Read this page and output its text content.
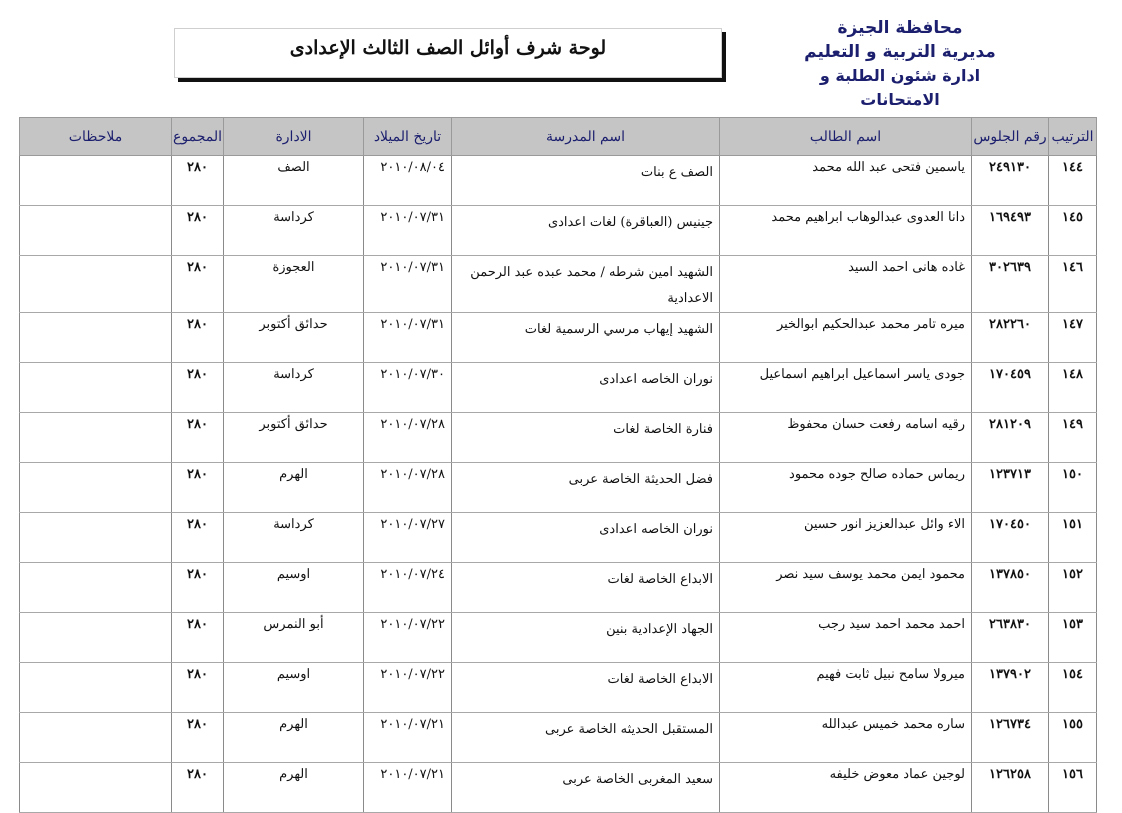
محافظة الجيزة
مديرية التربية و التعليم
ادارة شئون الطلبة و الامتحانات
لوحة شرف أوائل الصف الثالث الإعدادى
الترتيب	رقم الجلوس	اسم الطالب	اسم المدرسة	تاريخ الميلاد	الادارة	المجموع	ملاحظات
١٤٤	٢٤٩١٣٠	ياسمين فتحى عبد الله محمد	الصف ع بنات	٢٠١٠/٠٨/٠٤	الصف	٢٨٠	
١٤٥	١٦٩٤٩٣	دانا العدوى عبدالوهاب ابراهيم محمد	جينيس (العباقرة) لغات اعدادى	٢٠١٠/٠٧/٣١	كرداسة	٢٨٠	
١٤٦	٣٠٢٦٣٩	غاده هانى احمد السيد	الشهيد امين شرطه / محمد عبده عبد الرحمن الاعدادية	٢٠١٠/٠٧/٣١	العجوزة	٢٨٠	
١٤٧	٢٨٢٢٦٠	ميره تامر محمد عبدالحكيم ابوالخير	الشهيد إيهاب مرسي الرسمية لغات	٢٠١٠/٠٧/٣١	حدائق أكتوبر	٢٨٠	
١٤٨	١٧٠٤٥٩	جودى ياسر اسماعيل ابراهيم اسماعيل	نوران الخاصه اعدادى	٢٠١٠/٠٧/٣٠	كرداسة	٢٨٠	
١٤٩	٢٨١٢٠٩	رقيه اسامه رفعت حسان محفوظ	فنارة الخاصة لغات	٢٠١٠/٠٧/٢٨	حدائق أكتوبر	٢٨٠	
١٥٠	١٢٣٧١٣	ريماس حماده صالح جوده محمود	فضل الحديثة الخاصة عربى	٢٠١٠/٠٧/٢٨	الهرم	٢٨٠	
١٥١	١٧٠٤٥٠	الاء وائل عبدالعزيز انور حسين	نوران الخاصه اعدادى	٢٠١٠/٠٧/٢٧	كرداسة	٢٨٠	
١٥٢	١٣٧٨٥٠	محمود ايمن محمد يوسف سيد نصر	الابداع الخاصة لغات	٢٠١٠/٠٧/٢٤	اوسيم	٢٨٠	
١٥٣	٢٦٣٨٣٠	احمد محمد احمد سيد رجب	الجهاد الإعدادية بنين	٢٠١٠/٠٧/٢٢	أبو النمرس	٢٨٠	
١٥٤	١٣٧٩٠٢	ميرولا سامح نبيل ثابت فهيم	الابداع الخاصة لغات	٢٠١٠/٠٧/٢٢	اوسيم	٢٨٠	
١٥٥	١٢٦٧٣٤	ساره محمد خميس عبدالله	المستقبل الحديثه الخاصة عربى	٢٠١٠/٠٧/٢١	الهرم	٢٨٠	
١٥٦	١٢٦٢٥٨	لوجين عماد معوض خليفه	سعيد المغربى الخاصة عربى	٢٠١٠/٠٧/٢١	الهرم	٢٨٠	
